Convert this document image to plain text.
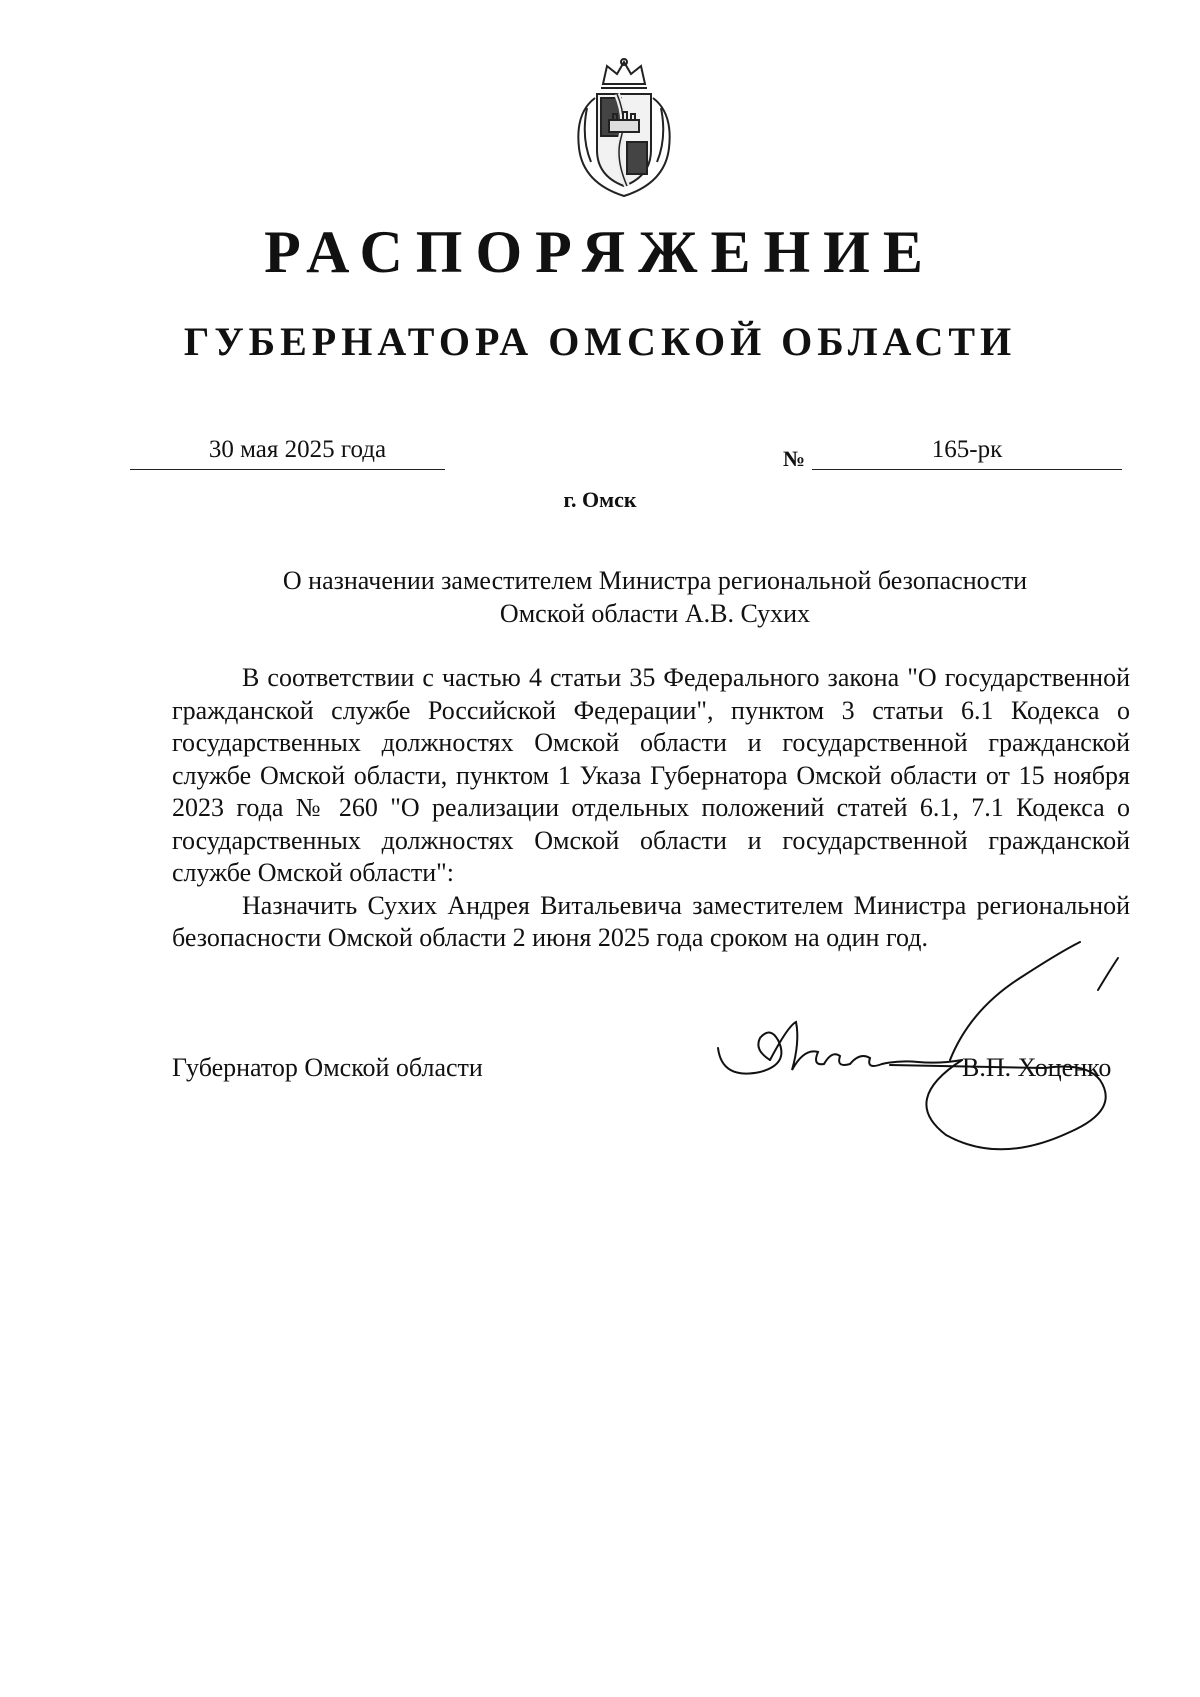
РАСПОРЯЖЕНИЕ
ГУБЕРНАТОРА ОМСКОЙ ОБЛАСТИ
30 мая 2025 года	№	165-рк
г. Омск
О назначении заместителем Министра региональной безопасности
Омской области А.В. Сухих

В соответствии с частью 4 статьи 35 Федерального закона "О государственной гражданской службе Российской Федерации", пунктом 3 статьи 6.1 Кодекса о государственных должностях Омской области и государственной гражданской службе Омской области, пунктом 1 Указа Губернатора Омской области от 15 ноября 2023 года № 260 "О реализации отдельных положений статей 6.1, 7.1 Кодекса о государственных должностях Омской области и государственной гражданской службе Омской области":

Назначить Сухих Андрея Витальевича заместителем Министра региональной безопасности Омской области 2 июня 2025 года сроком на один год.

Губернатор Омской области	В.П. Хоценко
